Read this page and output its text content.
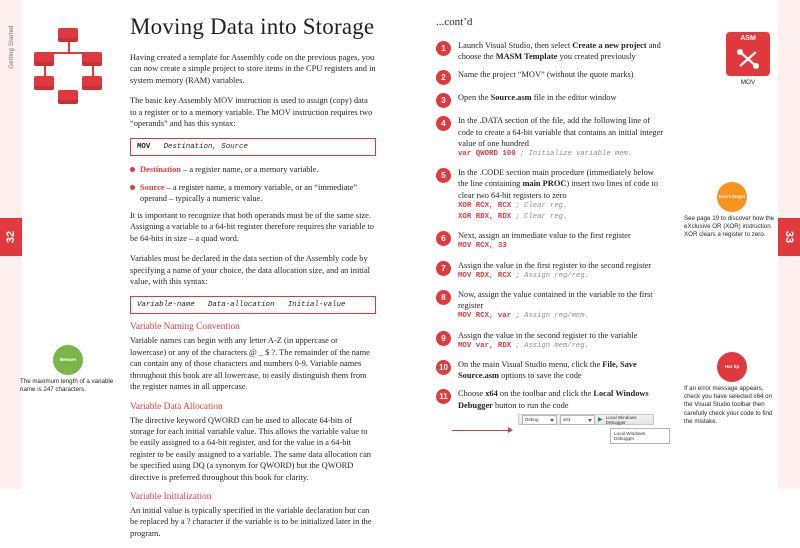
Getting Started
32	33
Beware
The maximum length of a variable name is 247 characters.
Moving Data into Storage

Having created a template for Assembly code on the previous pages, you can now create a simple project to store items in the CPU registers and in system memory (RAM) variables.

The basic key Assembly MOV instruction is used to assign (copy) data to a register or to a memory variable. The MOV instruction requires two “operands” and has this syntax:

MOV Destination, Source
Destination – a register name, or a memory variable.
Source – a register name, a memory variable, or an “immediate” operand – typically a numeric value.

It is important to recognize that both operands must be of the same size. Assigning a variable to a 64-bit register therefore requires the variable to be 64-bits in size – a quad word.

Variables must be declared in the data section of the Assembly code by specifying a name of your choice, the data allocation size, and an initial value, with this syntax:

Variable-name Data-allocation Initial-value
Variable Naming Convention

Variable names can begin with any letter A-Z (in uppercase or lowercase) or any of the characters @ _ $ ?. The remainder of the name can contain any of those characters and numbers 0-9. Variable names throughout this book are all lowercase, to easily distinguish them from the register names in all uppercase.

Variable Data Allocation

The directive keyword QWORD can be used to allocate 64-bits of storage for each initial variable value. This allows the variable value to be easily assigned to a 64-bit register, and for the value in a 64-bit register to be easily assigned to a variable. The same data allocation can be specified using DQ (a synonym for QWORD) but the QWORD directive is preferred throughout this book for clarity.

Variable Initialization

An initial value is typically specified in the variable declaration but can be replaced by a ? character if the variable is to be initialized later in the program.

...cont’d
1	Launch Visual Studio, then select Create a new project and choose the MASM Template you created previously
2	Name the project “MOV” (without the quote marks)
3	Open the Source.asm file in the editor window
4	In the .DATA section of the file, add the following line of code to create a 64-bit variable that contains an initial integer value of one hundred
var QWORD 100 ; Initialize variable mem.
5	In the .CODE section main procedure (immediately below the line containing main PROC) insert two lines of code to clear two 64-bit registers to zero
XOR RCX, RCX ; Clear reg.
XOR RDX, RDX ; Clear reg.
6	Next, assign an immediate value to the first register
MOV RCX, 33
7	Assign the value in the first register to the second register
MOV RDX, RCX ; Assign reg/reg.
8	Now, assign the value contained in the variable to the first register
MOV RCX, var ; Assign reg/mem.
9	Assign the value in the second register to the variable
MOV var, RDX ; Assign mem/reg.
10	On the main Visual Studio menu, click the File, Save Source.asm options to save the code
11	Choose x64 on the toolbar and click the Local Windows Debugger button to run the code
ASM
MOV
Don’t forget
See page 19 to discover how the eXclusive OR (XOR) instruction XOR clears a register to zero.
Hot tip
If an error message appears, check you have selected x64 on the Visual Studio toolbar then carefully check your code to find the mistake.
Debug	x64	▶ Local Windows Debugger
Local Windows Debugger
